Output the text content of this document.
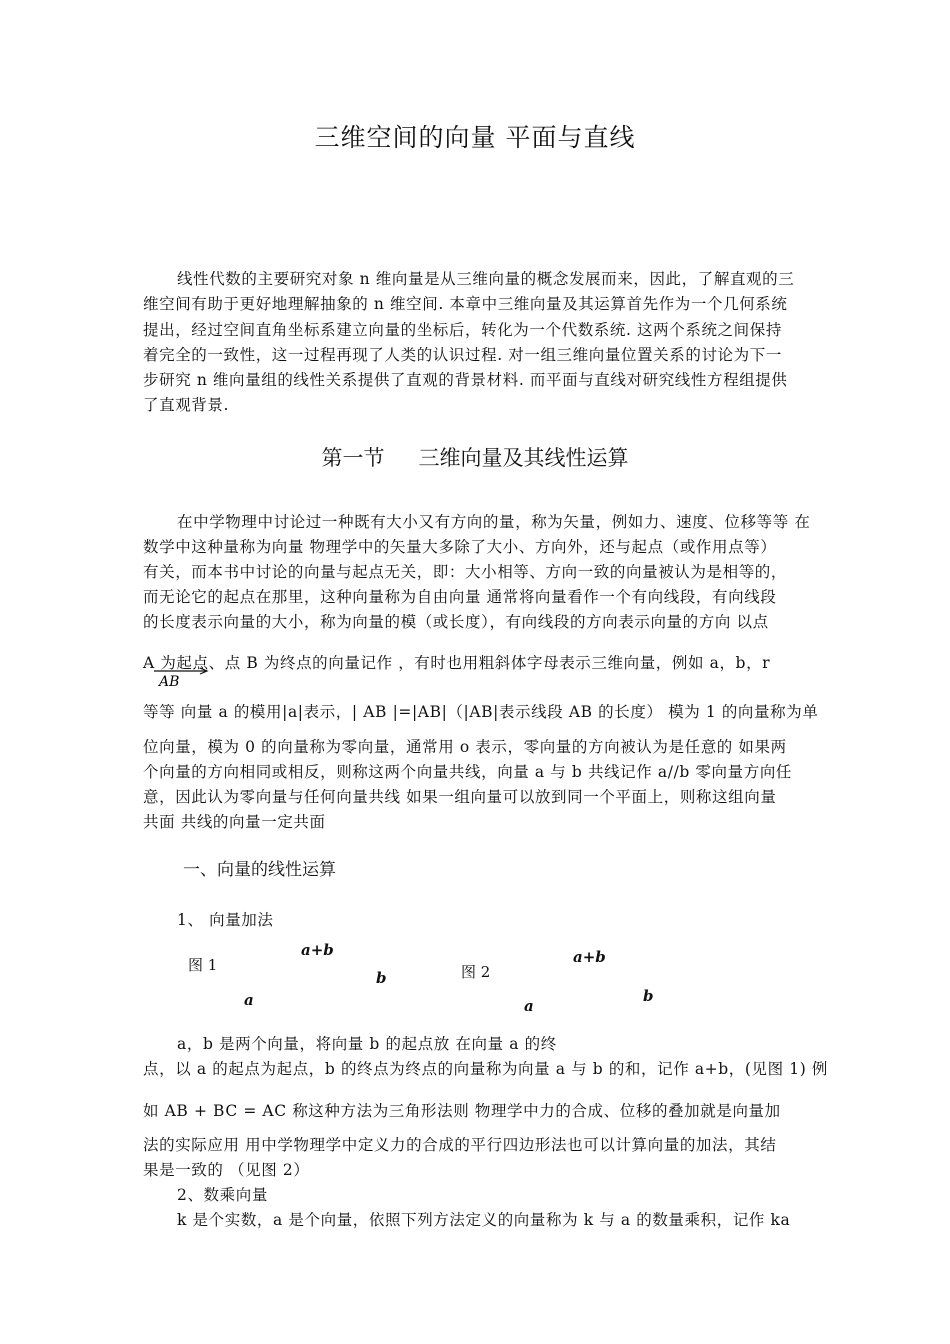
三维空间的向量 平面与直线
线性代数的主要研究对象 n 维向量是从三维向量的概念发展而来，因此，了解直观的三
维空间有助于更好地理解抽象的 n 维空间. 本章中三维向量及其运算首先作为一个几何系统
提出，经过空间直角坐标系建立向量的坐标后，转化为一个代数系统. 这两个系统之间保持
着完全的一致性，这一过程再现了人类的认识过程. 对一组三维向量位置关系的讨论为下一
步研究 n 维向量组的线性关系提供了直观的背景材料. 而平面与直线对研究线性方程组提供
了直观背景.
第一节 三维向量及其线性运算
在中学物理中讨论过一种既有大小又有方向的量，称为矢量，例如力、速度、位移等等 在
数学中这种量称为向量 物理学中的矢量大多除了大小、方向外，还与起点（或作用点等）
有关，而本书中讨论的向量与起点无关，即：大小相等、方向一致的向量被认为是相等的，
而无论它的起点在那里，这种向量称为自由向量 通常将向量看作一个有向线段，有向线段
的长度表示向量的大小，称为向量的模（或长度），有向线段的方向表示向量的方向 以点
A 为起点、点 B 为终点的向量记作 ，有时也用粗斜体字母表示三维向量，例如 a，b，r
AB
等等 向量 a 的模用|a|表示，| AB |=|AB|（|AB|表示线段 AB 的长度） 模为 1 的向量称为单
位向量，模为 0 的向量称为零向量，通常用 o 表示，零向量的方向被认为是任意的 如果两
个向量的方向相同或相反，则称这两个向量共线，向量 a 与 b 共线记作 a//b 零向量方向任
意，因此认为零向量与任何向量共线 如果一组向量可以放到同一个平面上，则称这组向量
共面 共线的向量一定共面
一、向量的线性运算
1、 向量加法
图 1
a+b
b
a
图 2
a+b
a
b
a，b 是两个向量，将向量 b 的起点放 在向量 a 的终
点，以 a 的起点为起点，b 的终点为终点的向量称为向量 a 与 b 的和，记作 a+b，(见图 1) 例
如 AB + BC = AC 称这种方法为三角形法则 物理学中力的合成、位移的叠加就是向量加
法的实际应用 用中学物理学中定义力的合成的平行四边形法也可以计算向量的加法，其结
果是一致的 （见图 2）
2、数乘向量
k 是个实数，a 是个向量，依照下列方法定义的向量称为 k 与 a 的数量乘积，记作 ka
